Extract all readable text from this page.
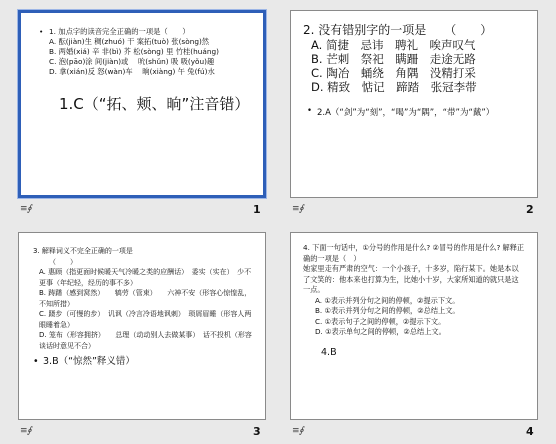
• 1. 加点字的读音完全正确的一项是（　　）
A. 酝(jiàn)生 稠(zhuó) 干 案拓(tuò) 张(sòng)然
B. 两婚(xiá) 辛 非(bì) 芥 松(sòng) 里 竹桂(huáng)
C. 泡(pāo)涂 间(jiàn)或 　吮(shǔn) 吸 吸(yǒu)趣
D. 拿(xián)反 怒(wàn)车 　晌(xiàng) 午 兔(fú)水
1.C（“拓、颊、晌”注音错）
≡∮	1
2. 没有错别字的一项是　　（　　）
A. 简捷　忌讳　聘礼　唉声叹气
B. 芒刺　祭祀　瞒跚　走途无路
C. 陶冶　蛹绕　角隅　没精打采
D. 精致　惦记　蹄踏　张冠李带
• 2.A（“剑”为“刻”，“喝”为“隅”，“带”为“戴”）
≡∮	2
3. 解释词义不完全正确的一项是
（　　）
A. 惠顾（指更面时候暖天气冷暖之类的应酬话）　委实（实在）　少不更事（年纪轻，经历的事不多）
B. 踌躇（感到窝然）　　犒劳（管束）　　六神不安（形容心惊惶乱，不知所措）
C. 蹑步（可慢的步）　讥讽（冷言冷语地讽刺）　琐屑眉睡（形容人两眼睡着急）
D. 笼布（形容拥挤）　　总理（动动别人去做某事）　话不投机（形容谈话时意见不合）
• 3.B（“惊然”释义错）
≡∮	3
4. 下面一句话中，①分号的作用是什么? ②冒号的作用是什么? 解释正确的一项是（　）
她家里走有严肃的空气：一个小孩子，十多岁，陷行某下。她是本以了文笑的：他本来也打算为生，比她小十岁，大家所知道的就只是这一点。
A. ①表示并列分句之间的停顿，②提示下文。
B. ①表示并列分句之间的停顿，②总结上文。
C. ①表示句子之间的停顿，②提示下文。
D. ①表示单句之间的停顿，②总结上文。
4.B
≡∮	4
